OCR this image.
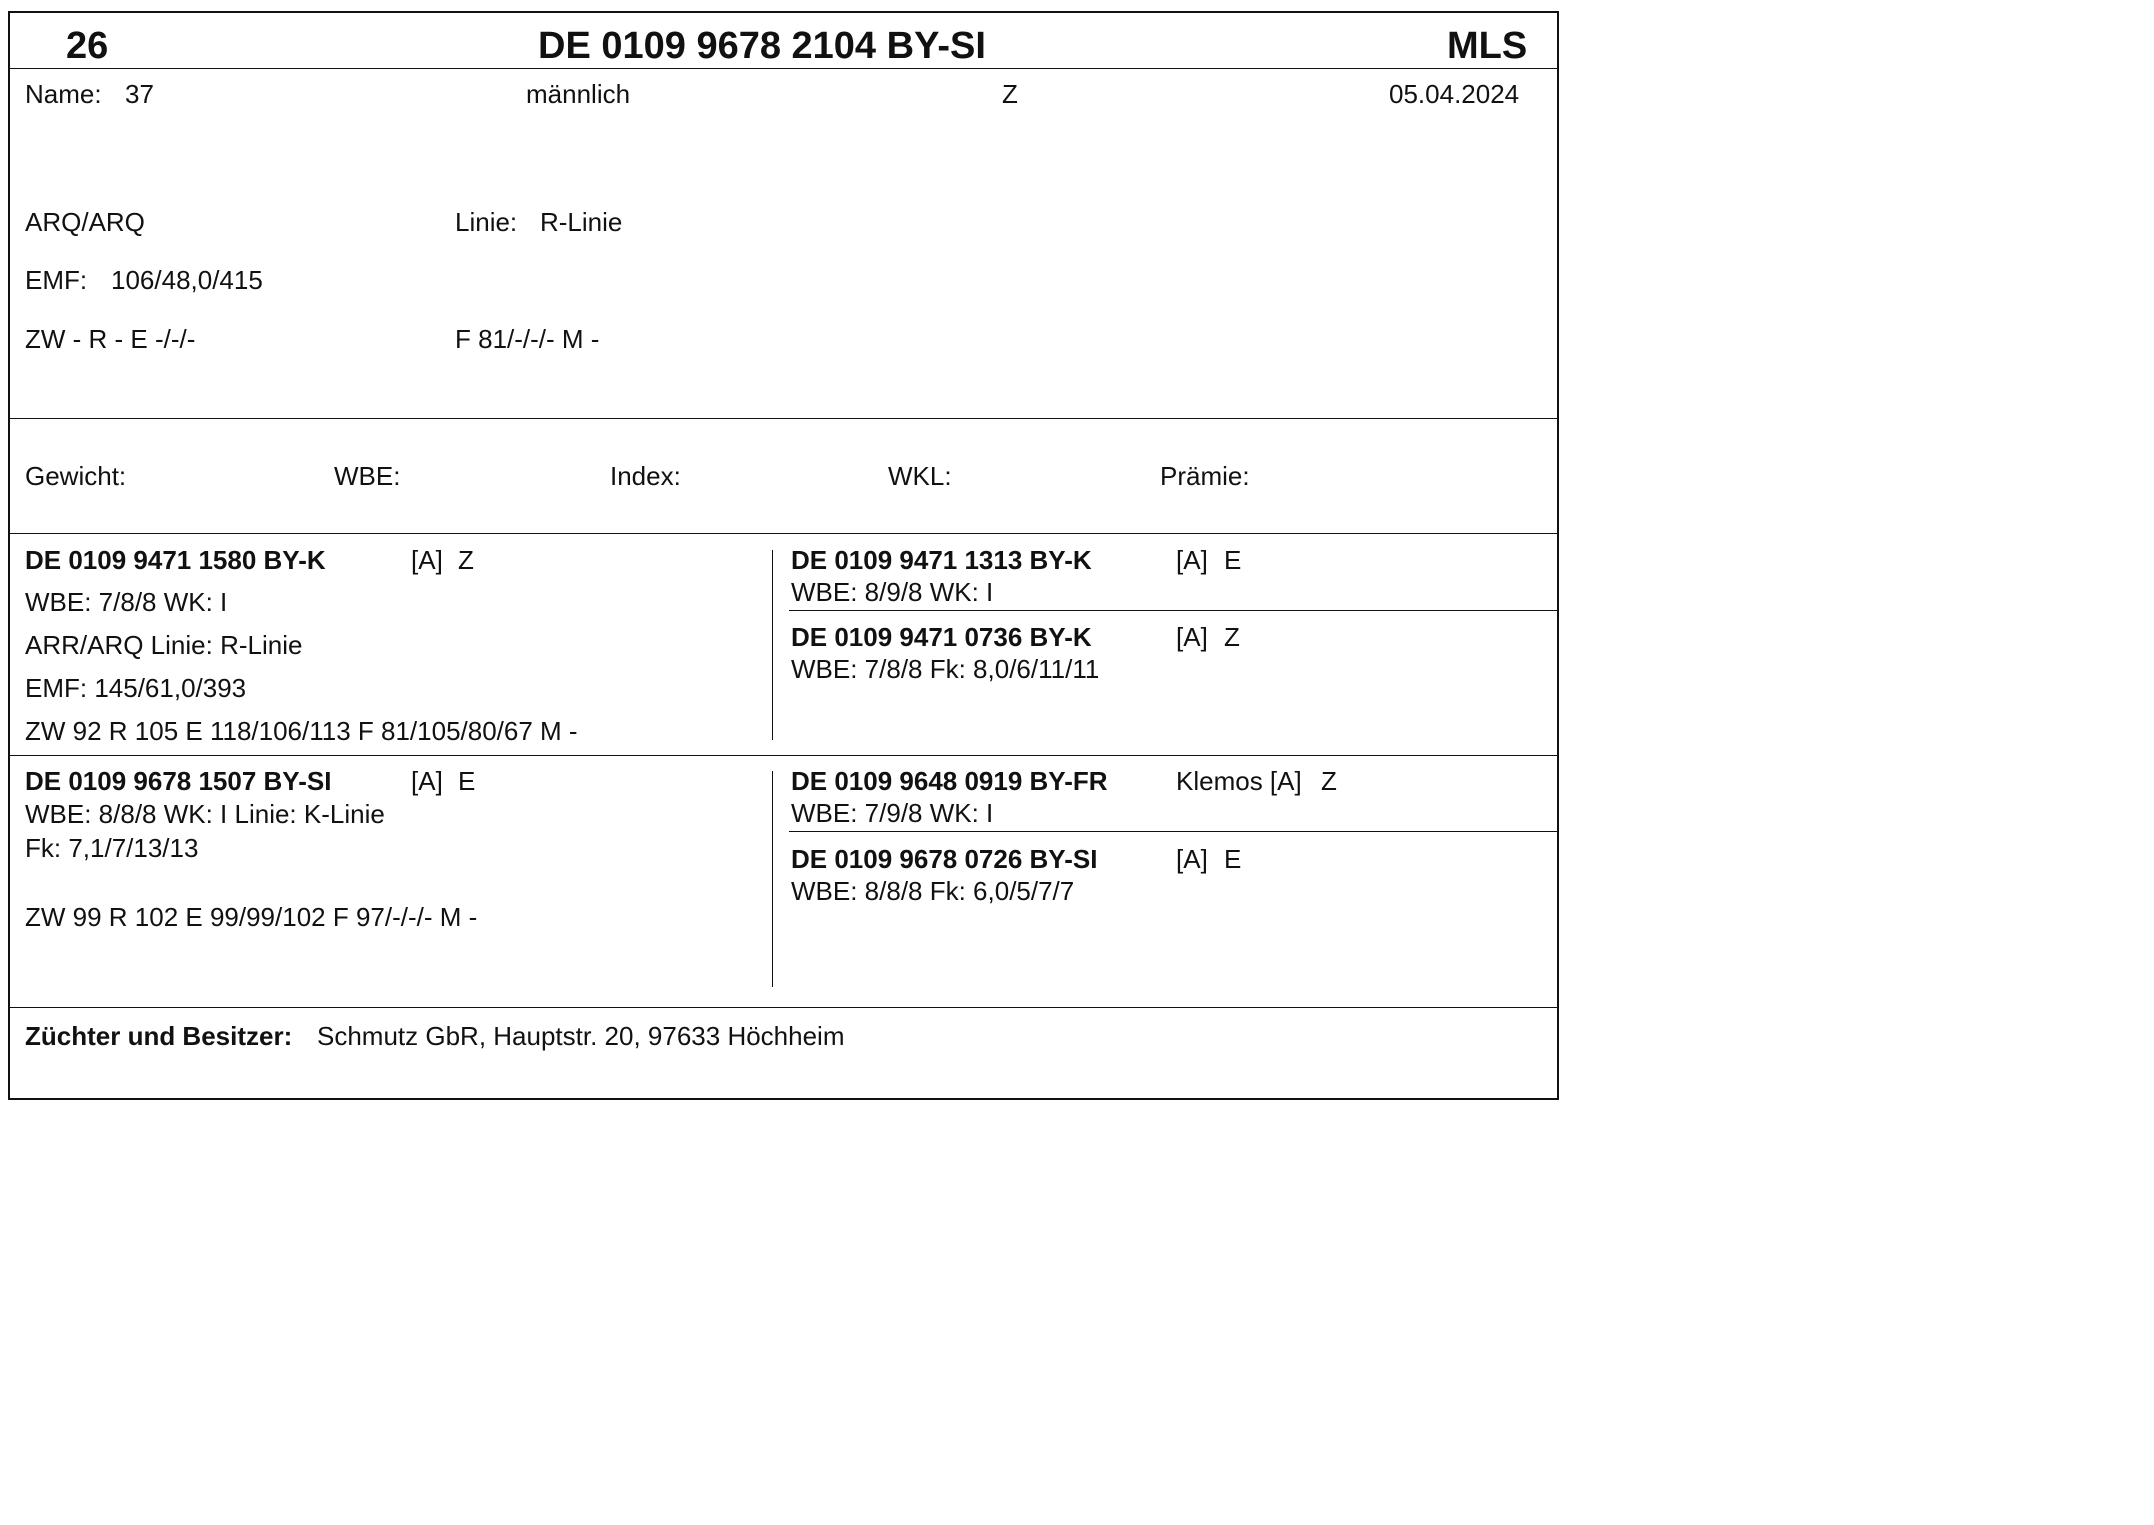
26	DE 0109 9678 2104 BY-SI	MLS
Name: 37	männlich	Z	05.04.2024
ARQ/ARQ	Linie: R-Linie
EMF: 106/48,0/415
ZW - R - E -/-/-	F 81/-/-/- M -
Gewicht:	WBE:	Index:	WKL:	Prämie:
DE 0109 9471 1580 BY-K	[A] Z
WBE: 7/8/8 WK: I
ARR/ARQ Linie: R-Linie
EMF: 145/61,0/393
ZW 92 R 105 E 118/106/113 F 81/105/80/67 M -
DE 0109 9471 1313 BY-K	[A] E
WBE: 8/9/8 WK: I
DE 0109 9471 0736 BY-K	[A] Z
WBE: 7/8/8 Fk: 8,0/6/11/11
DE 0109 9678 1507 BY-SI	[A] E
WBE: 8/8/8 WK: I Linie: K-Linie
Fk: 7,1/7/13/13
ZW 99 R 102 E 99/99/102 F 97/-/-/- M -
DE 0109 9648 0919 BY-FR	Klemos [A] Z
WBE: 7/9/8 WK: I
DE 0109 9678 0726 BY-SI	[A] E
WBE: 8/8/8 Fk: 6,0/5/7/7
Züchter und Besitzer: Schmutz GbR, Hauptstr. 20, 97633 Höchheim
